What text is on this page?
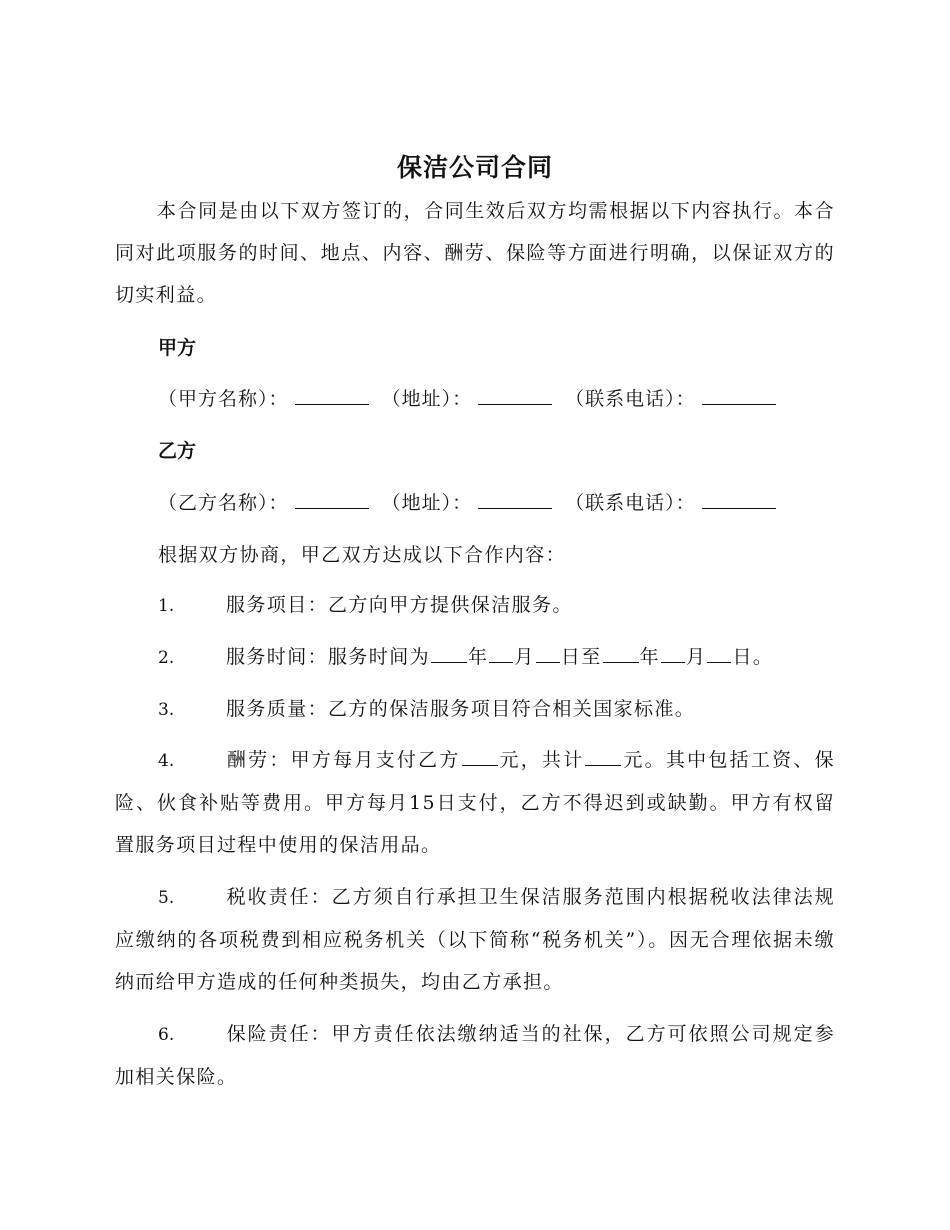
保洁公司合同

本合同是由以下双方签订的，合同生效后双方均需根据以下内容执行。本合同对此项服务的时间、地点、内容、酬劳、保险等方面进行明确，以保证双方的切实利益。

甲方
（甲方名称）：	（地址）：	（联系电话）：
乙方
（乙方名称）：	（地址）：	（联系电话）：
根据双方协商，甲乙双方达成以下合作内容：
1.	服务项目：乙方向甲方提供保洁服务。
2.	服务时间：服务时间为 年 月 日至 年 月 日。
3.	服务质量：乙方的保洁服务项目符合相关国家标准。
4.	酬劳：甲方每月支付乙方 元，共计 元。其中包括工资、保险、伙食补贴等费用。甲方每月15日支付，乙方不得迟到或缺勤。甲方有权留置服务项目过程中使用的保洁用品。
5.	税收责任：乙方须自行承担卫生保洁服务范围内根据税收法律法规应缴纳的各项税费到相应税务机关（以下简称“税务机关”）。因无合理依据未缴纳而给甲方造成的任何种类损失，均由乙方承担。
6.	保险责任：甲方责任依法缴纳适当的社保，乙方可依照公司规定参加相关保险。
